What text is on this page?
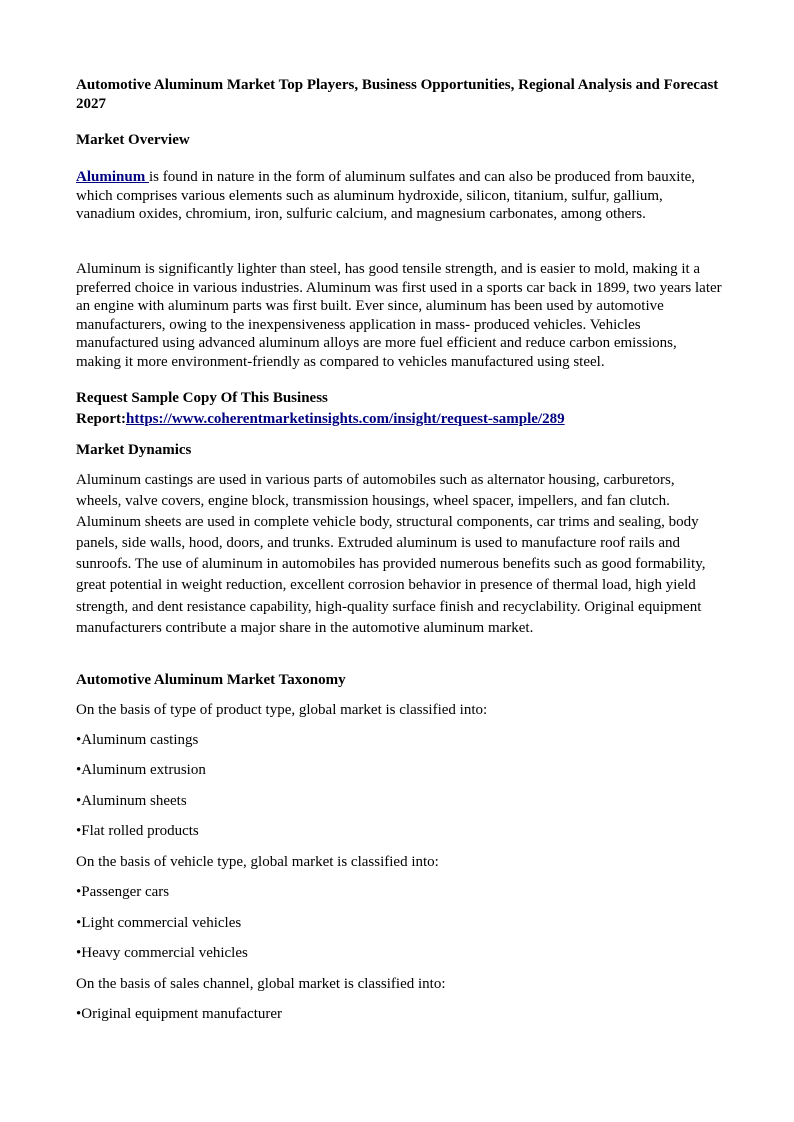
Automotive Aluminum Market Top Players, Business Opportunities, Regional Analysis and Forecast 2027

Market Overview

Aluminum is found in nature in the form of aluminum sulfates and can also be produced from bauxite, which comprises various elements such as aluminum hydroxide, silicon, titanium, sulfur, gallium, vanadium oxides, chromium, iron, sulfuric calcium, and magnesium carbonates, among others.

Aluminum is significantly lighter than steel, has good tensile strength, and is easier to mold, making it a preferred choice in various industries. Aluminum was first used in a sports car back in 1899, two years later an engine with aluminum parts was first built. Ever since, aluminum has been used by automotive manufacturers, owing to the inexpensiveness application in mass- produced vehicles. Vehicles manufactured using advanced aluminum alloys are more fuel efficient and reduce carbon emissions, making it more environment-friendly as compared to vehicles manufactured using steel.

Request Sample Copy Of This Business

Report:https://www.coherentmarketinsights.com/insight/request-sample/289

Market Dynamics

Aluminum castings are used in various parts of automobiles such as alternator housing, carburetors, wheels, valve covers, engine block, transmission housings, wheel spacer, impellers, and fan clutch. Aluminum sheets are used in complete vehicle body, structural components, car trims and sealing, body panels, side walls, hood, doors, and trunks. Extruded aluminum is used to manufacture roof rails and sunroofs. The use of aluminum in automobiles has provided numerous benefits such as good formability, great potential in weight reduction, excellent corrosion behavior in presence of thermal load, high yield strength, and dent resistance capability, high-quality surface finish and recyclability. Original equipment manufacturers contribute a major share in the automotive aluminum market.

Automotive Aluminum Market Taxonomy

On the basis of type of product type, global market is classified into:

•Aluminum castings

•Aluminum extrusion

•Aluminum sheets

•Flat rolled products

On the basis of vehicle type, global market is classified into:

•Passenger cars

•Light commercial vehicles

•Heavy commercial vehicles

On the basis of sales channel, global market is classified into:

•Original equipment manufacturer
